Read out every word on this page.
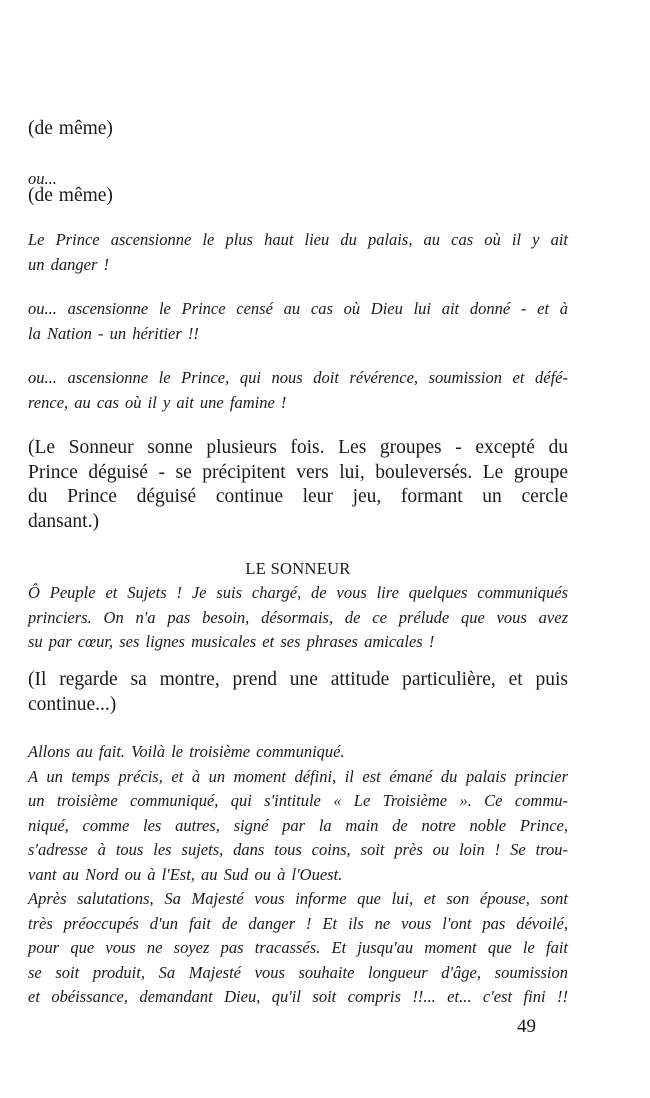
(de même)

ou...

(de même)

Le Prince ascensionne le plus haut lieu du palais, au cas où il y ait
un danger !

ou... ascensionne le Prince censé au cas où Dieu lui ait donné - et à
la Nation - un héritier !!

ou... ascensionne le Prince, qui nous doit révérence, soumission et défé-
rence, au cas où il y ait une famine !

(Le Sonneur sonne plusieurs fois. Les groupes - excepté du
Prince déguisé - se précipitent vers lui, bouleversés. Le groupe
du Prince déguisé continue leur jeu, formant un cercle
dansant.)

LE SONNEUR

Ô Peuple et Sujets ! Je suis chargé, de vous lire quelques communiqués
princiers. On n'a pas besoin, désormais, de ce prélude que vous avez
su par cœur, ses lignes musicales et ses phrases amicales !

(Il regarde sa montre, prend une attitude particulière, et puis
continue...)

Allons au fait. Voilà le troisième communiqué.
A un temps précis, et à un moment défini, il est émané du palais princier
un troisième communiqué, qui s'intitule « Le Troisième ». Ce commu-
niqué, comme les autres, signé par la main de notre noble Prince,
s'adresse à tous les sujets, dans tous coins, soit près ou loin ! Se trou-
vant au Nord ou à l'Est, au Sud ou à l'Ouest.
Après salutations, Sa Majesté vous informe que lui, et son épouse, sont
très préoccupés d'un fait de danger ! Et ils ne vous l'ont pas dévoilé,
pour que vous ne soyez pas tracassés. Et jusqu'au moment que le fait
se soit produit, Sa Majesté vous souhaite longueur d'âge, soumission
et obéissance, demandant Dieu, qu'il soit compris !!... et... c'est fini !!

49
